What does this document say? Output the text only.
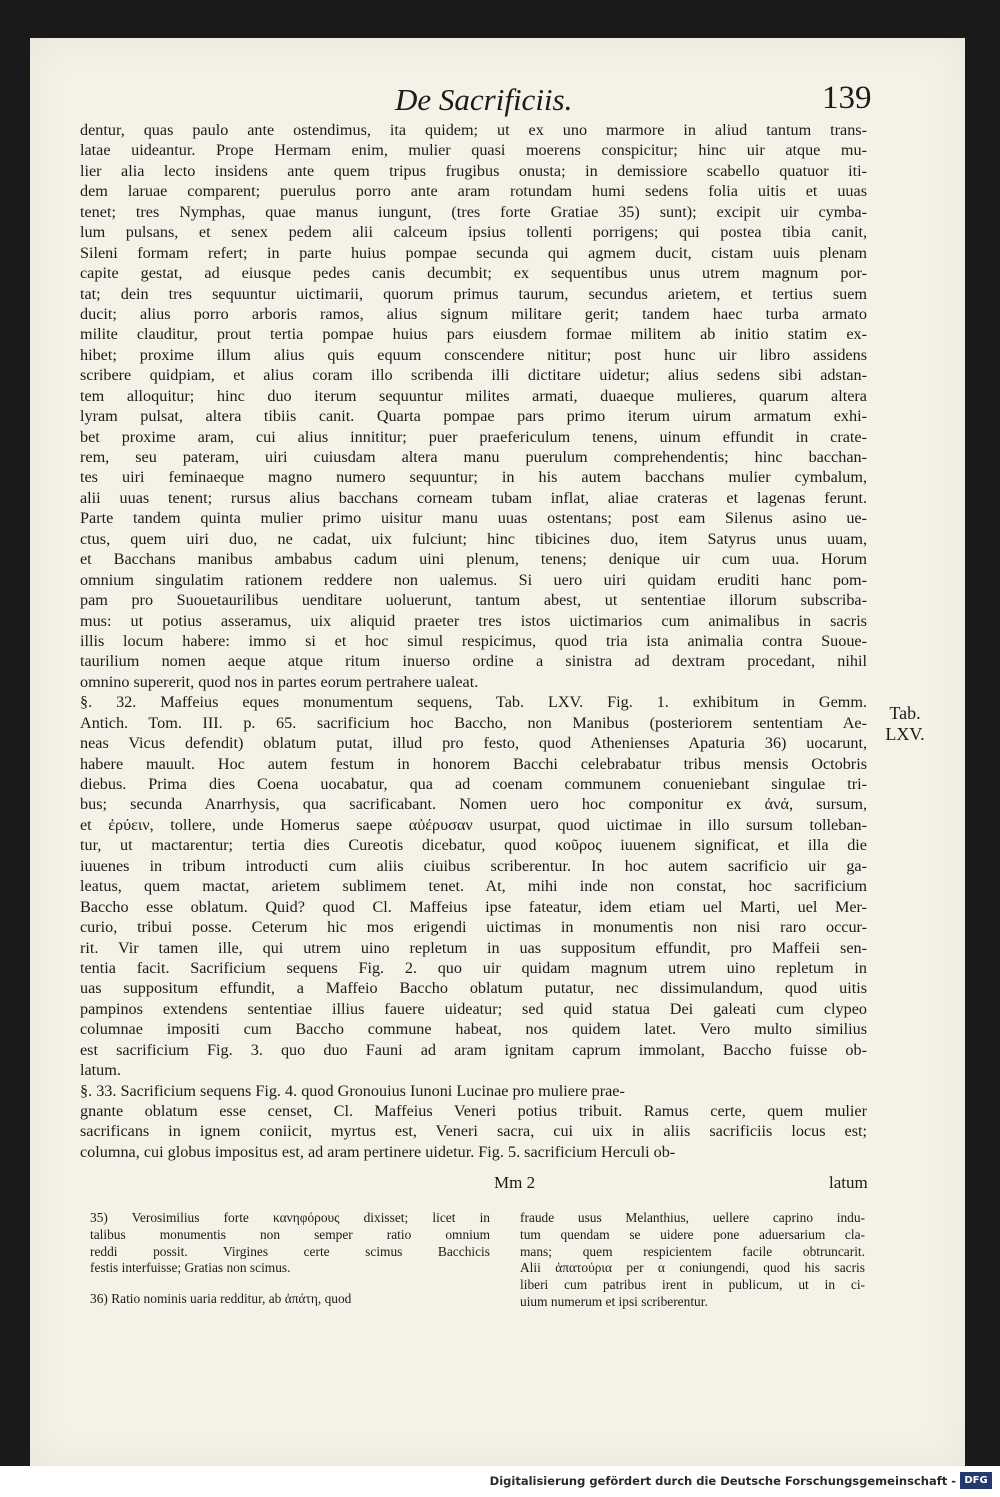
De Sacrificiis.	139
dentur, quas paulo ante ostendimus, ita quidem; ut ex uno marmore in aliud tantum trans-
latae uideantur. Prope Hermam enim, mulier quasi moerens conspicitur; hinc uir atque mu-
lier alia lecto insidens ante quem tripus frugibus onusta; in demissiore scabello quatuor iti-
dem laruae comparent; puerulus porro ante aram rotundam humi sedens folia uitis et uuas
tenet; tres Nymphas, quae manus iungunt, (tres forte Gratiae 35) sunt); excipit uir cymba-
lum pulsans, et senex pedem alii calceum ipsius tollenti porrigens; qui postea tibia canit,
Sileni formam refert; in parte huius pompae secunda qui agmem ducit, cistam uuis plenam
capite gestat, ad eiusque pedes canis decumbit; ex sequentibus unus utrem magnum por-
tat; dein tres sequuntur uictimarii, quorum primus taurum, secundus arietem, et tertius suem
ducit; alius porro arboris ramos, alius signum militare gerit; tandem haec turba armato
milite clauditur, prout tertia pompae huius pars eiusdem formae militem ab initio statim ex-
hibet; proxime illum alius quis equum conscendere nititur; post hunc uir libro assidens
scribere quidpiam, et alius coram illo scribenda illi dictitare uidetur; alius sedens sibi adstan-
tem alloquitur; hinc duo iterum sequuntur milites armati, duaeque mulieres, quarum altera
lyram pulsat, altera tibiis canit. Quarta pompae pars primo iterum uirum armatum exhi-
bet proxime aram, cui alius innititur; puer praefericulum tenens, uinum effundit in crate-
rem, seu pateram, uiri cuiusdam altera manu puerulum comprehendentis; hinc bacchan-
tes uiri feminaeque magno numero sequuntur; in his autem bacchans mulier cymbalum,
alii uuas tenent; rursus alius bacchans corneam tubam inflat, aliae crateras et lagenas ferunt.
Parte tandem quinta mulier primo uisitur manu uuas ostentans; post eam Silenus asino ue-
ctus, quem uiri duo, ne cadat, uix fulciunt; hinc tibicines duo, item Satyrus unus uuam,
et Bacchans manibus ambabus cadum uini plenum, tenens; denique uir cum uua. Horum
omnium singulatim rationem reddere non ualemus. Si uero uiri quidam eruditi hanc pom-
pam pro Suouetaurilibus uenditare uoluerunt, tantum abest, ut sententiae illorum subscriba-
mus: ut potius asseramus, uix aliquid praeter tres istos uictimarios cum animalibus in sacris
illis locum habere: immo si et hoc simul respicimus, quod tria ista animalia contra Suoue-
taurilium nomen aeque atque ritum inuerso ordine a sinistra ad dextram procedant, nihil
omnino supererit, quod nos in partes eorum pertrahere ualeat.
§. 32. Maffeius eques monumentum sequens, Tab. LXV. Fig. 1. exhibitum in Gemm.
Antich. Tom. III. p. 65. sacrificium hoc Baccho, non Manibus (posteriorem sententiam Ae-
neas Vicus defendit) oblatum putat, illud pro festo, quod Athenienses Apaturia 36) uocarunt,
habere mauult. Hoc autem festum in honorem Bacchi celebrabatur tribus mensis Octobris
diebus. Prima dies Coena uocabatur, qua ad coenam communem conueniebant singulae tri-
bus; secunda Anarrhysis, qua sacrificabant. Nomen uero hoc componitur ex ἀνά, sursum,
et ἐρύειν, tollere, unde Homerus saepe αὐέρυσαν usurpat, quod uictimae in illo sursum tolleban-
tur, ut mactarentur; tertia dies Cureotis dicebatur, quod κοῦρος iuuenem significat, et illa die
iuuenes in tribum introducti cum aliis ciuibus scriberentur. In hoc autem sacrificio uir ga-
leatus, quem mactat, arietem sublimem tenet. At, mihi inde non constat, hoc sacrificium
Baccho esse oblatum. Quid? quod Cl. Maffeius ipse fateatur, idem etiam uel Marti, uel Mer-
curio, tribui posse. Ceterum hic mos erigendi uictimas in monumentis non nisi raro occur-
rit. Vir tamen ille, qui utrem uino repletum in uas suppositum effundit, pro Maffeii sen-
tentia facit. Sacrificium sequens Fig. 2. quo uir quidam magnum utrem uino repletum in
uas suppositum effundit, a Maffeio Baccho oblatum putatur, nec dissimulandum, quod uitis
pampinos extendens sententiae illius fauere uideatur; sed quid statua Dei galeati cum clypeo
columnae impositi cum Baccho commune habeat, nos quidem latet. Vero multo similius
est sacrificium Fig. 3. quo duo Fauni ad aram ignitam caprum immolant, Baccho fuisse ob-
latum.
§. 33. Sacrificium sequens Fig. 4. quod Gronouius Iunoni Lucinae pro muliere prae-
gnante oblatum esse censet, Cl. Maffeius Veneri potius tribuit. Ramus certe, quem mulier
sacrificans in ignem coniicit, myrtus est, Veneri sacra, cui uix in aliis sacrificiis locus est;
columna, cui globus impositus est, ad aram pertinere uidetur. Fig. 5. sacrificium Herculi ob-
Tab.
LXV.
Mm 2	latum
35) Verosimilius forte κανηφόρους dixisset; licet in
talibus monumentis non semper ratio omnium
reddi possit. Virgines certe scimus Bacchicis
festis interfuisse; Gratias non scimus.
36) Ratio nominis uaria redditur, ab ἀπάτη, quod
fraude usus Melanthius, uellere caprino indu-
tum quendam se uidere pone aduersarium cla-
mans; quem respicientem facile obtruncarit.
Alii ἁπατούρια per α coniungendi, quod his sacris
liberi cum patribus irent in publicum, ut in ci-
uium numerum et ipsi scriberentur.
Digitalisierung gefördert durch die Deutsche Forschungsgemeinschaft - DFG
